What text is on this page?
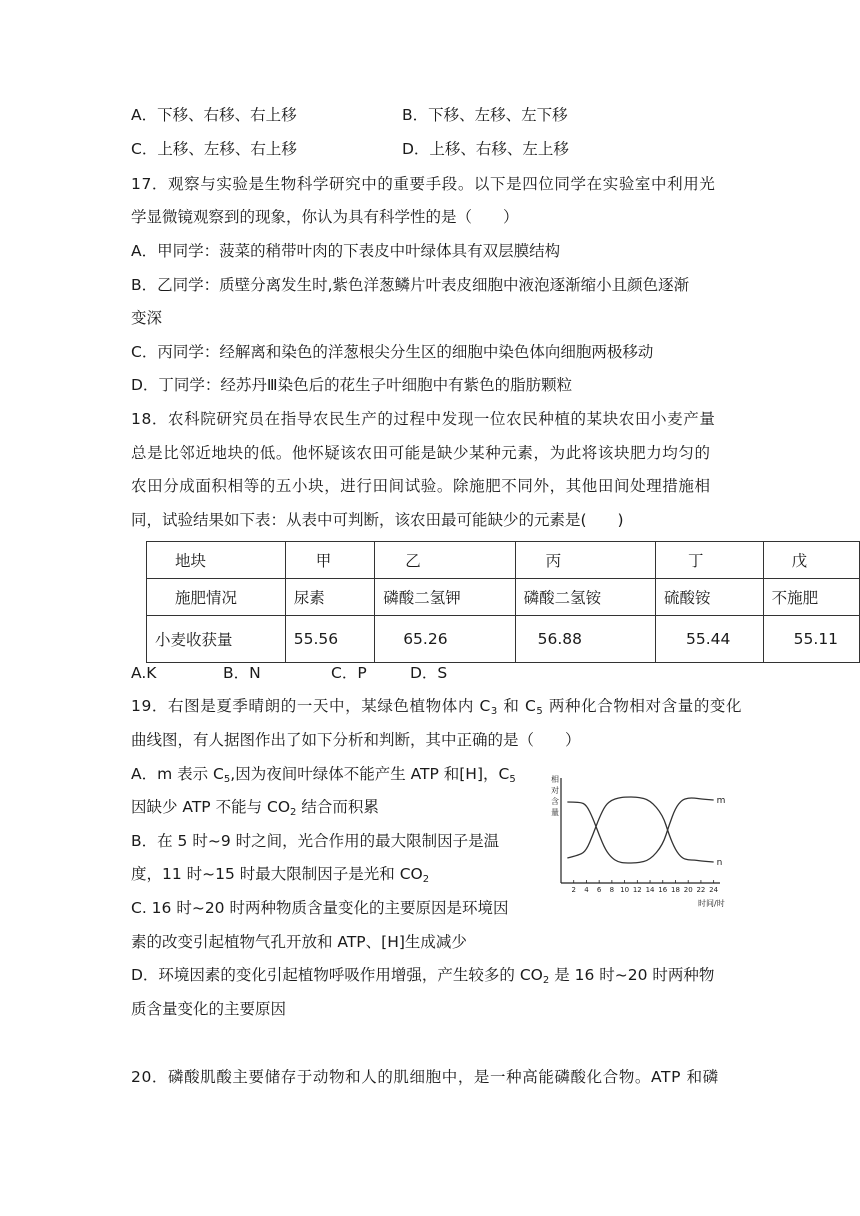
A．下移、右移、右上移	B．下移、左移、左下移
C．上移、左移、右上移	D．上移、右移、左上移
17．观察与实验是生物科学研究中的重要手段。以下是四位同学在实验室中利用光
学显微镜观察到的现象，你认为具有科学性的是（　　）
A．甲同学：菠菜的稍带叶肉的下表皮中叶绿体具有双层膜结构
B．乙同学：质壁分离发生时,紫色洋葱鳞片叶表皮细胞中液泡逐渐缩小且颜色逐渐
变深
C．丙同学：经解离和染色的洋葱根尖分生区的细胞中染色体向细胞两极移动
D．丁同学：经苏丹Ⅲ染色后的花生子叶细胞中有紫色的脂肪颗粒
18．农科院研究员在指导农民生产的过程中发现一位农民种植的某块农田小麦产量
总是比邻近地块的低。他怀疑该农田可能是缺少某种元素，为此将该块肥力均匀的
农田分成面积相等的五小块，进行田间试验。除施肥不同外，其他田间处理措施相
同，试验结果如下表：从表中可判断，该农田最可能缺少的元素是(　　)
地块	甲	乙	丙	丁	戊
施肥情况	尿素	磷酸二氢钾	磷酸二氢铵	硫酸铵	不施肥
小麦收获量	55.56	65.26	56.88	55.44	55.11
A.K	B．N	C．P	D．S
19．右图是夏季晴朗的一天中，某绿色植物体内 $C_3$ 和 $C_5$ 两种化合物相对含量的变化
曲线图，有人据图作出了如下分析和判断，其中正确的是（　　）
A．m 表示 $C_5$,因为夜间叶绿体不能产生 ATP 和[H]，$C_5$
因缺少 ATP 不能与 $CO_2$ 结合而积累
B．在 5 时~9 时之间，光合作用的最大限制因子是温
度，11 时~15 时最大限制因子是光和 $CO_2$
C. 16 时~20 时两种物质含量变化的主要原因是环境因
素的改变引起植物气孔开放和 ATP、[H]生成减少
D．环境因素的变化引起植物呼吸作用增强，产生较多的 $CO_2$ 是 16 时~20 时两种物
质含量变化的主要原因
相
对
含
量
2 4 6 8 10 12 14 16 18 20 22 24
m
n
时间/时
20．磷酸肌酸主要储存于动物和人的肌细胞中，是一种高能磷酸化合物。ATP 和磷
